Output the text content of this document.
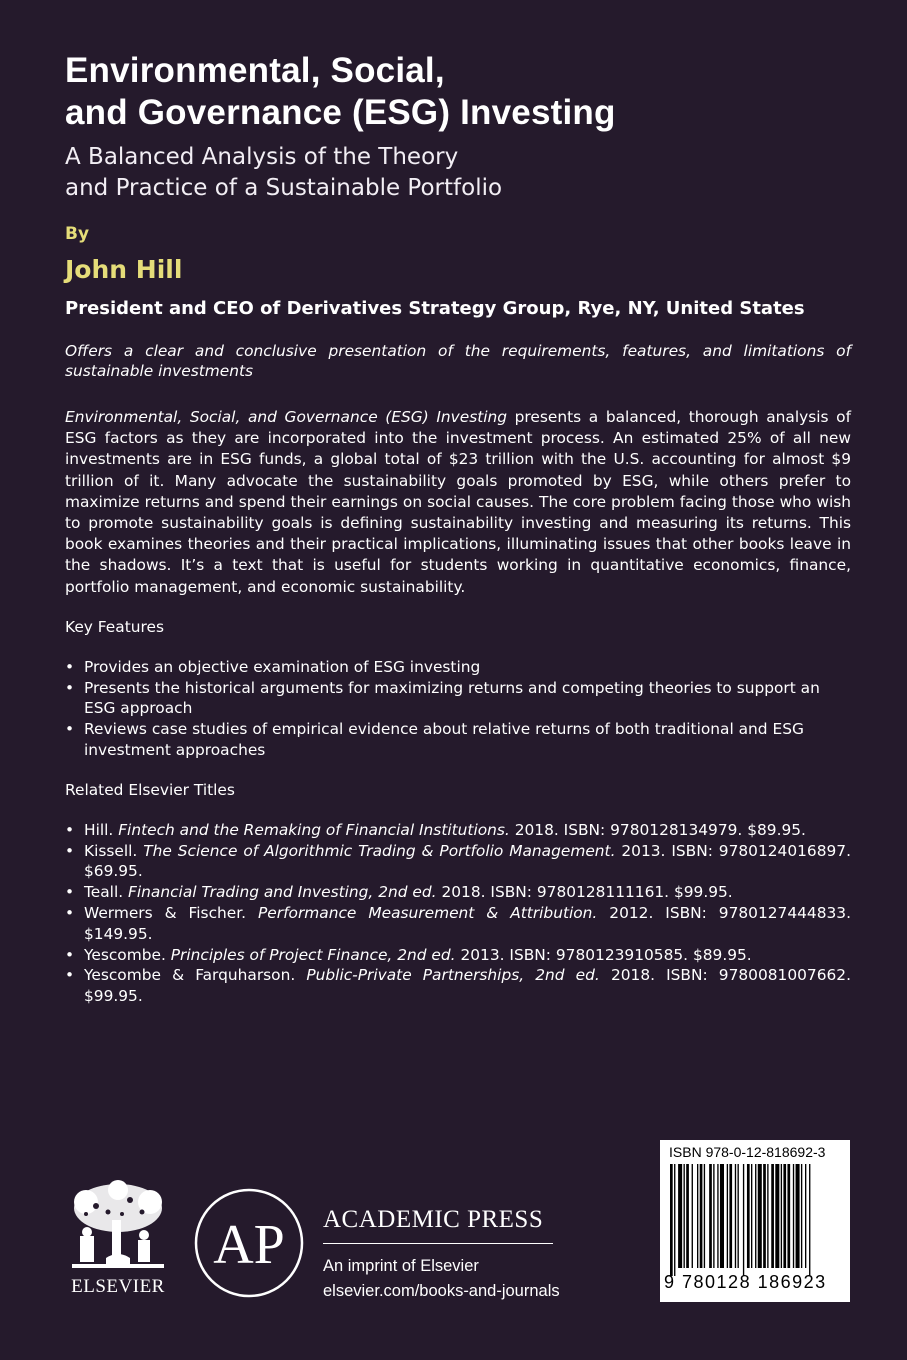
Environmental, Social,
and Governance (ESG) Investing
A Balanced Analysis of the Theory
and Practice of a Sustainable Portfolio
By
John Hill
President and CEO of Derivatives Strategy Group, Rye, NY, United States
Offers a clear and conclusive presentation of the requirements, features, and limitations of sustainable investments
Environmental, Social, and Governance (ESG) Investing presents a balanced, thorough analysis of ESG factors as they are incorporated into the investment process. An estimated 25% of all new investments are in ESG funds, a global total of $23 trillion with the U.S. accounting for almost $9 trillion of it. Many advocate the sustainability goals promoted by ESG, while others prefer to maximize returns and spend their earnings on social causes. The core problem facing those who wish to promote sustainability goals is defining sustainability investing and measuring its returns. This book examines theories and their practical implications, illuminating issues that other books leave in the shadows. It’s a text that is useful for students working in quantitative economics, finance, portfolio management, and economic sustainability.
Key Features
• Provides an objective examination of ESG investing
• Presents the historical arguments for maximizing returns and competing theories to support an ESG approach
• Reviews case studies of empirical evidence about relative returns of both traditional and ESG investment approaches
Related Elsevier Titles
• Hill. Fintech and the Remaking of Financial Institutions. 2018. ISBN: 9780128134979. $89.95.
• Kissell. The Science of Algorithmic Trading & Portfolio Management. 2013. ISBN: 9780124016897. $69.95.
• Teall. Financial Trading and Investing, 2nd ed. 2018. ISBN: 9780128111161. $99.95.
• Wermers & Fischer. Performance Measurement & Attribution. 2012. ISBN: 9780127444833. $149.95.
• Yescombe. Principles of Project Finance, 2nd ed. 2013. ISBN: 9780123910585. $89.95.
• Yescombe & Farquharson. Public-Private Partnerships, 2nd ed. 2018. ISBN: 9780081007662. $99.95.
ELSEVIER
AP ACADEMIC PRESS
An imprint of Elsevier
elsevier.com/books-and-journals
ISBN 978-0-12-818692-3
9 780128 186923
